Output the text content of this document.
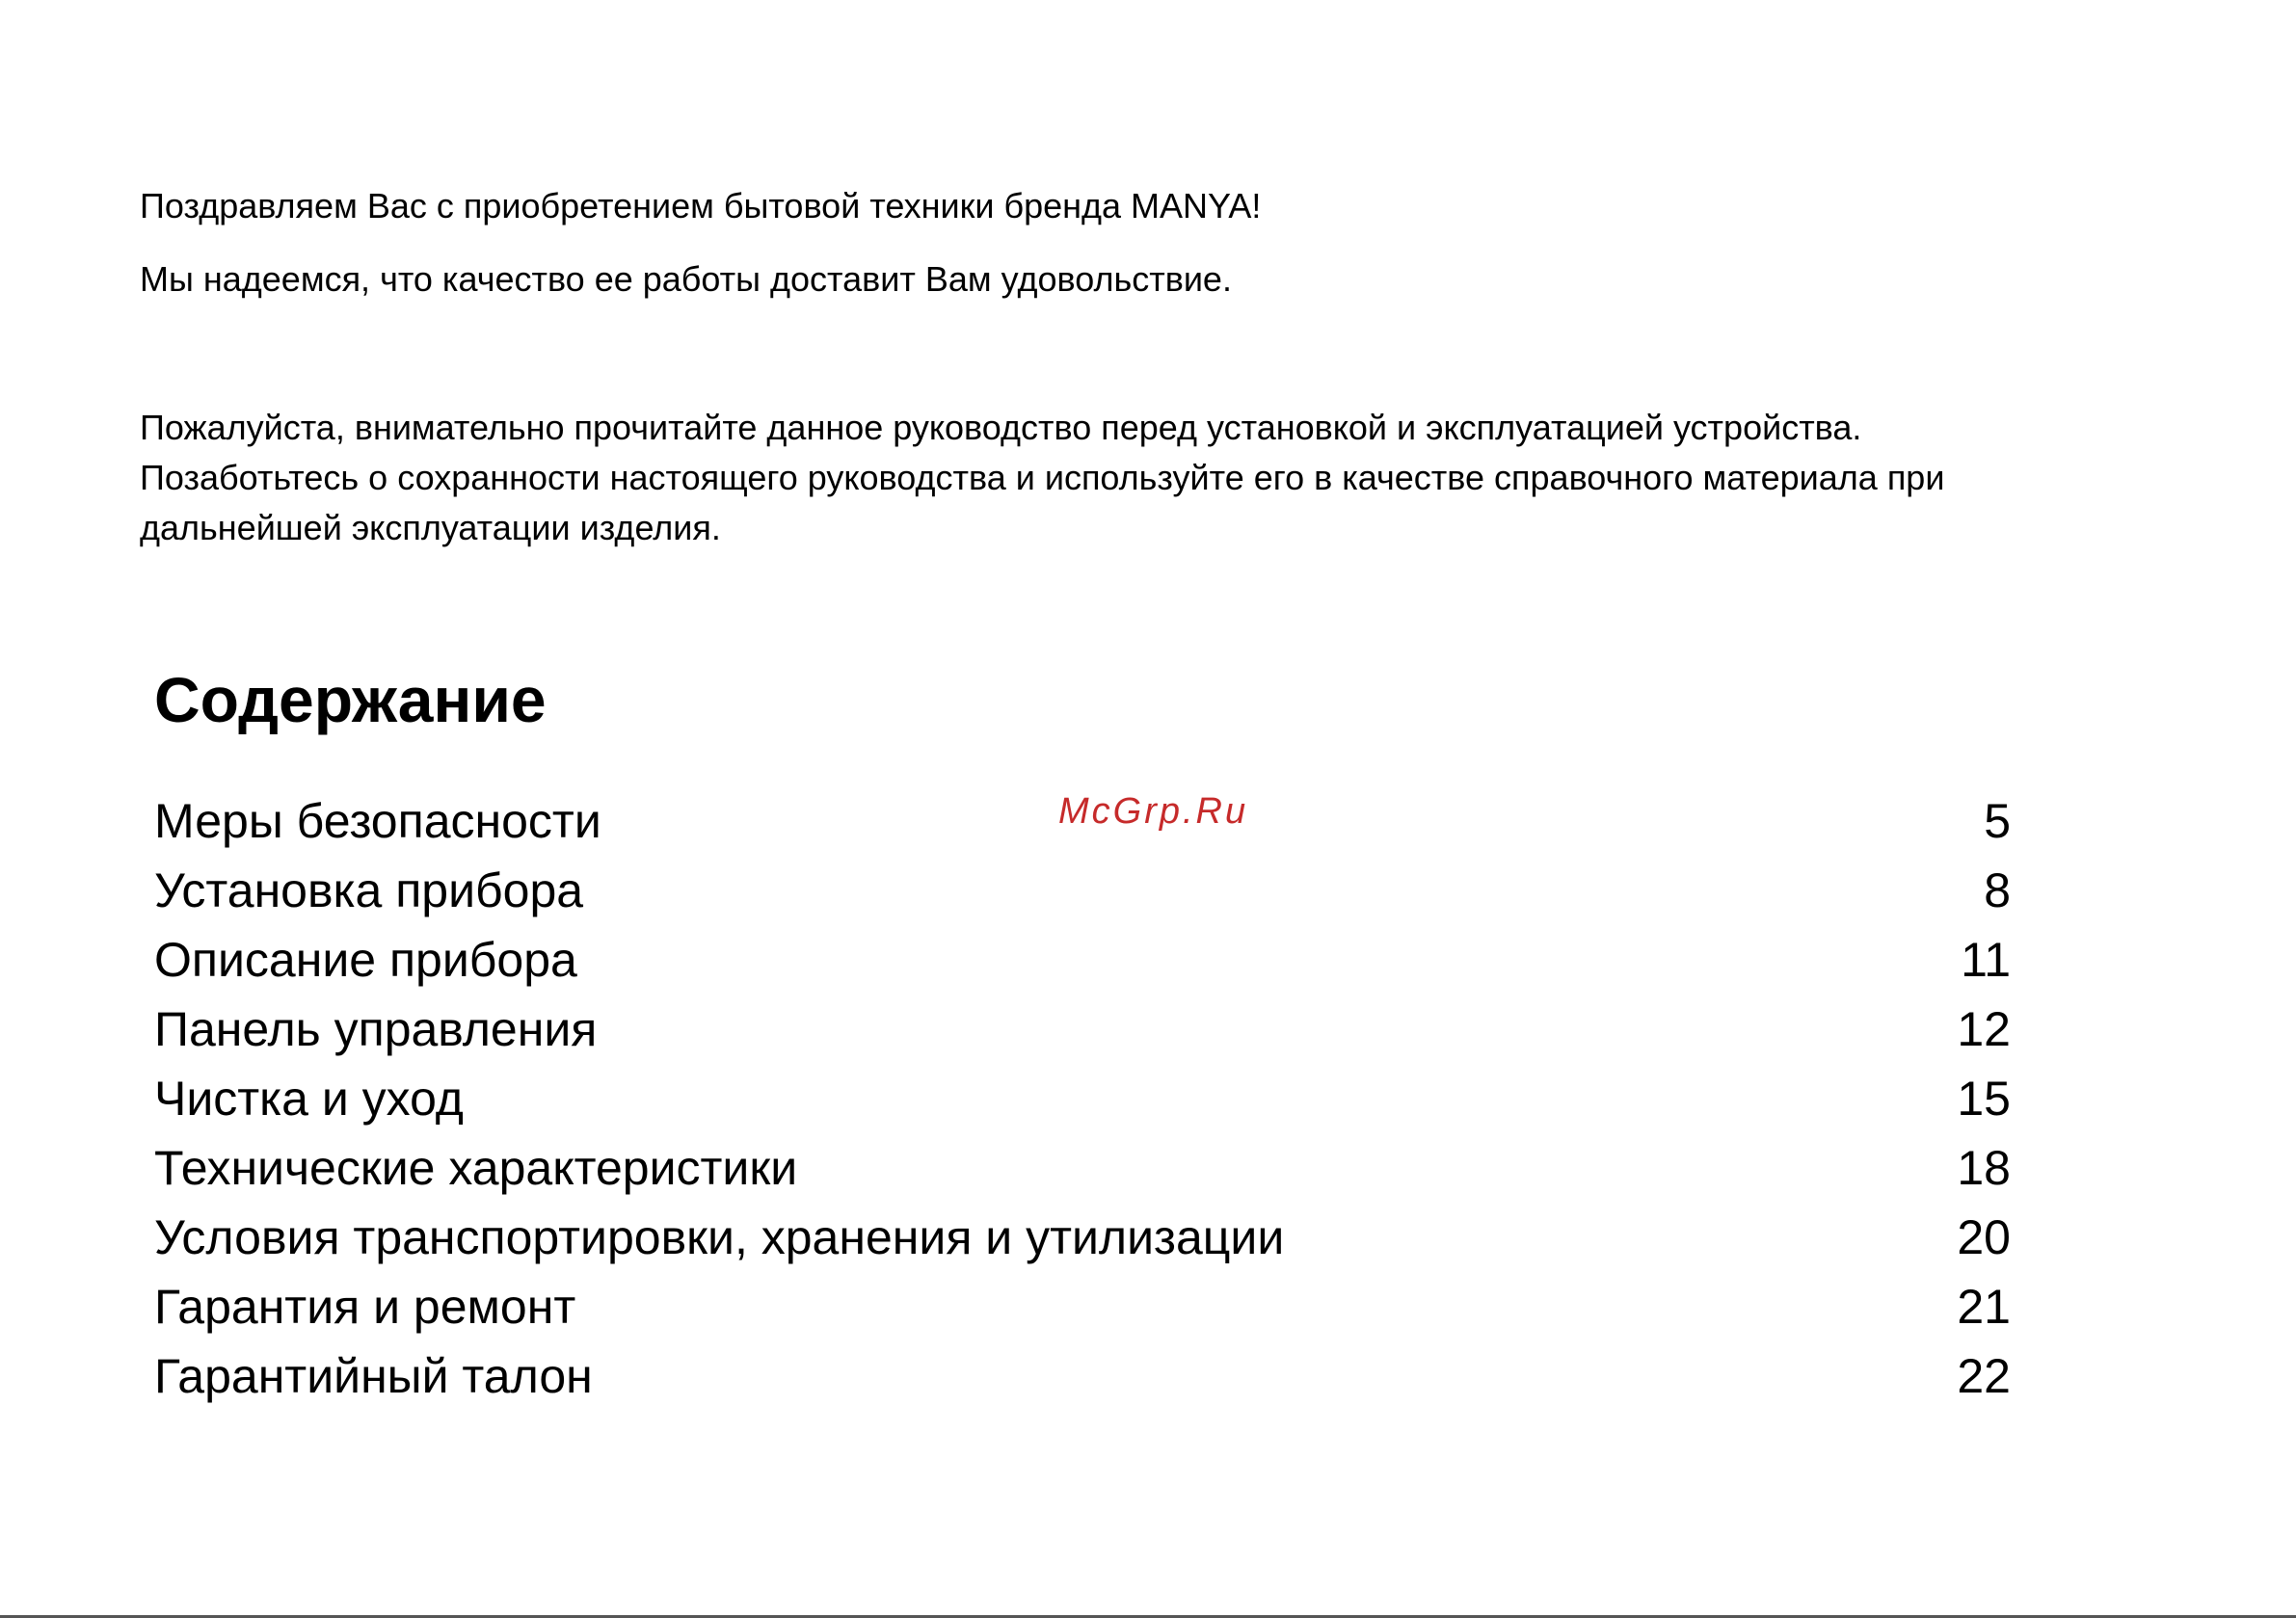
Поздравляем Вас с приобретением бытовой техники бренда MANYA!
Мы надеемся, что качество ее работы доставит Вам удовольствие.
Пожалуйста, внимательно прочитайте данное руководство перед установкой и эксплуатацией устройства.
Позаботьтесь о сохранности настоящего руководства и используйте его в качестве справочного материала при
дальнейшей эксплуатации изделия.
Содержание
Меры безопасности	5
Установка прибора	8
Описание прибора	11
Панель управления	12
Чистка и уход	15
Технические характеристики	18
Условия транспортировки, хранения и утилизации	20
Гарантия и ремонт	21
Гарантийный талон	22
McGrp.Ru
